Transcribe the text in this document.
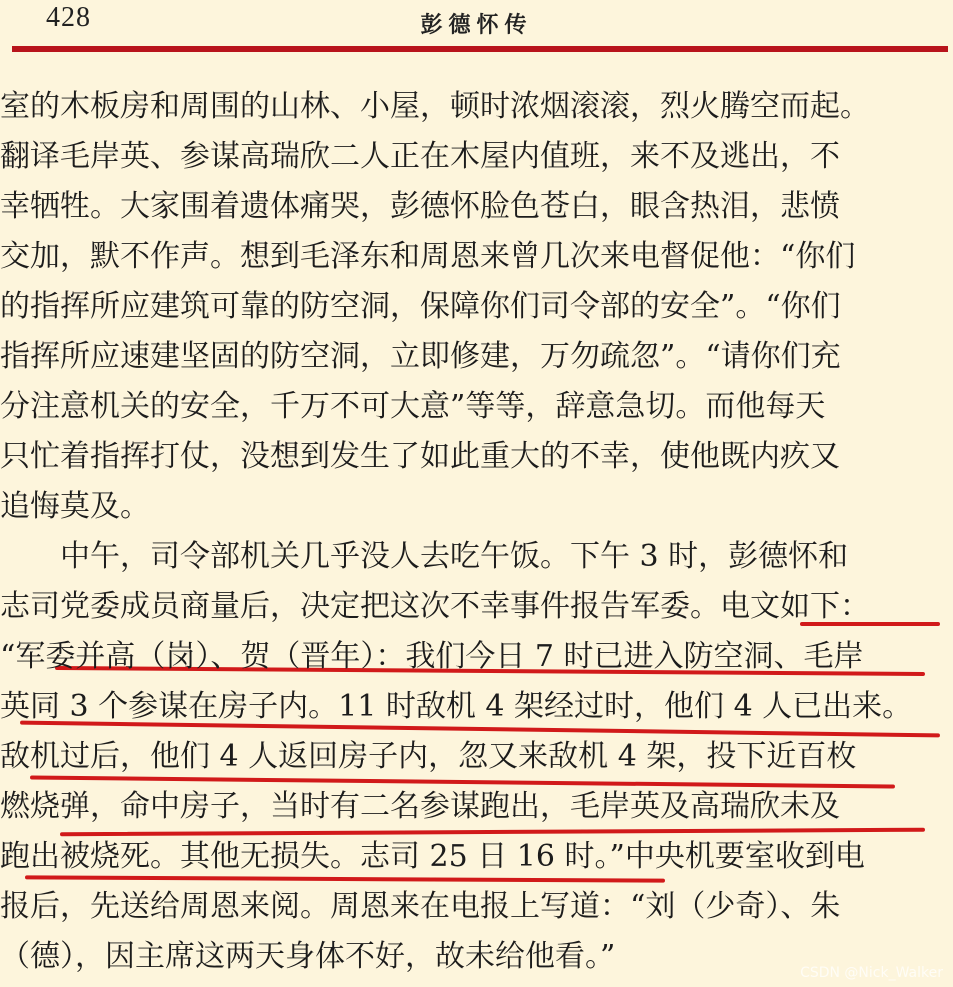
428	彭德怀传
室的木板房和周围的山林、小屋，顿时浓烟滚滚，烈火腾空而起。
翻译毛岸英、参谋高瑞欣二人正在木屋内值班，来不及逃出，不
幸牺牲。大家围着遗体痛哭，彭德怀脸色苍白，眼含热泪，悲愤
交加，默不作声。想到毛泽东和周恩来曾几次来电督促他：“你们
的指挥所应建筑可靠的防空洞，保障你们司令部的安全”。“你们
指挥所应速建坚固的防空洞，立即修建，万勿疏忽”。“请你们充
分注意机关的安全，千万不可大意”等等，辞意急切。而他每天
只忙着指挥打仗，没想到发生了如此重大的不幸，使他既内疚又
追悔莫及。
　　中午，司令部机关几乎没人去吃午饭。下午 3 时，彭德怀和
志司党委成员商量后，决定把这次不幸事件报告军委。电文如下：
“军委并高（岗）、贺（晋年）：我们今日 7 时已进入防空洞、毛岸
英同 3 个参谋在房子内。11 时敌机 4 架经过时，他们 4 人已出来。
敌机过后，他们 4 人返回房子内，忽又来敌机 4 架，投下近百枚
燃烧弹，命中房子，当时有二名参谋跑出，毛岸英及高瑞欣未及
跑出被烧死。其他无损失。志司 25 日 16 时。”中央机要室收到电
报后，先送给周恩来阅。周恩来在电报上写道：“刘（少奇）、朱
（德），因主席这两天身体不好，故未给他看。”	CSDN @Nick_Walker
